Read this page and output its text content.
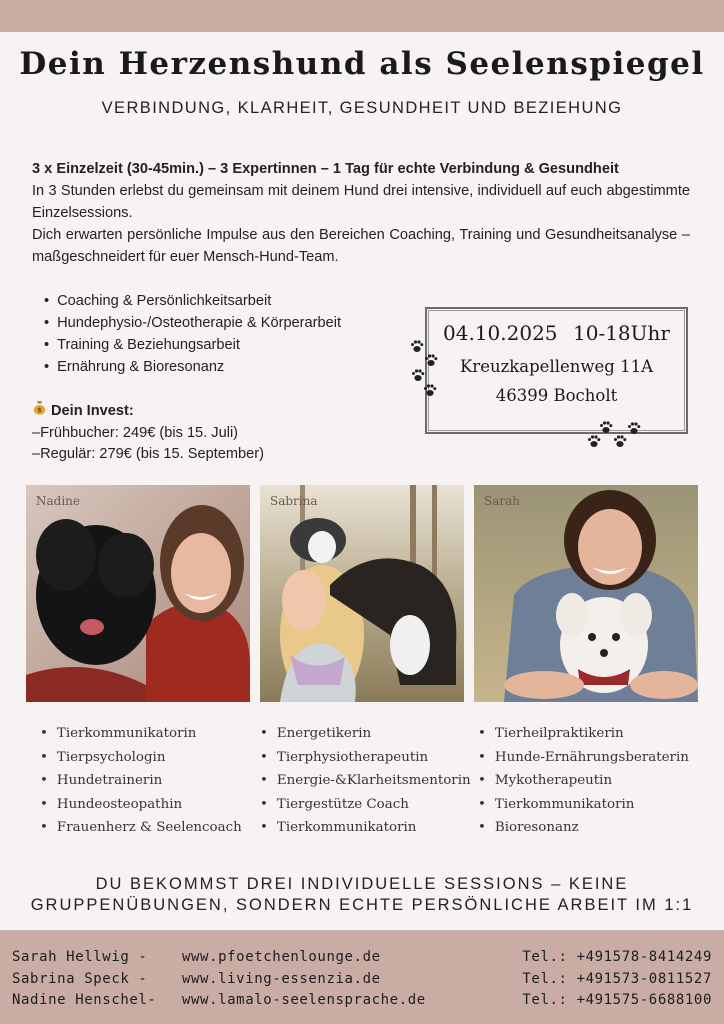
Dein Herzenshund als Seelenspiegel
VERBINDUNG, KLARHEIT, GESUNDHEIT UND BEZIEHUNG

3 x Einzelzeit (30-45min.) – 3 Expertinnen – 1 Tag für echte Verbindung & Gesundheit

In 3 Stunden erlebst du gemeinsam mit deinem Hund drei intensive, individuell auf euch abgestimmte Einzelsessions.

Dich erwarten persönliche Impulse aus den Bereichen Coaching, Training und Gesundheitsanalyse – maßgeschneidert für euer Mensch-Hund-Team.

• Coaching & Persönlichkeitsarbeit
• Hundephysio-/Osteotherapie & Körperarbeit
• Training & Beziehungsarbeit
• Ernährung & Bioresonanz
$ Dein Invest:
–Frühbucher: 249€ (bis 15. Juli)
–Regulär: 279€ (bis 15. September)
04.10.2025 10-18Uhr
Kreuzkapellenweg 11A
46399 Bocholt
Nadine	Sabrina	Sarah
• Tierkommunikatorin
• Tierpsychologin
• Hundetrainerin
• Hundeosteopathin
• Frauenherz & Seelencoach
• Energetikerin
• Tierphysiotherapeutin
• Energie-&Klarheitsmentorin
• Tiergestütze Coach
• Tierkommunikatorin
• Tierheilpraktikerin
• Hunde-Ernährungsberaterin
• Mykotherapeutin
• Tierkommunikatorin
• Bioresonanz
DU BEKOMMST DREI INDIVIDUELLE SESSIONS – KEINE
GRUPPENÜBUNGEN, SONDERN ECHTE PERSÖNLICHE ARBEIT IM 1:1
Sarah Hellwig -	www.pfoetchenlounge.de	Tel.: +491578-8414249
Sabrina Speck -	www.living-essenzia.de	Tel.: +491573-0811527
Nadine Henschel-	www.lamalo-seelensprache.de	Tel.: +491575-6688100
